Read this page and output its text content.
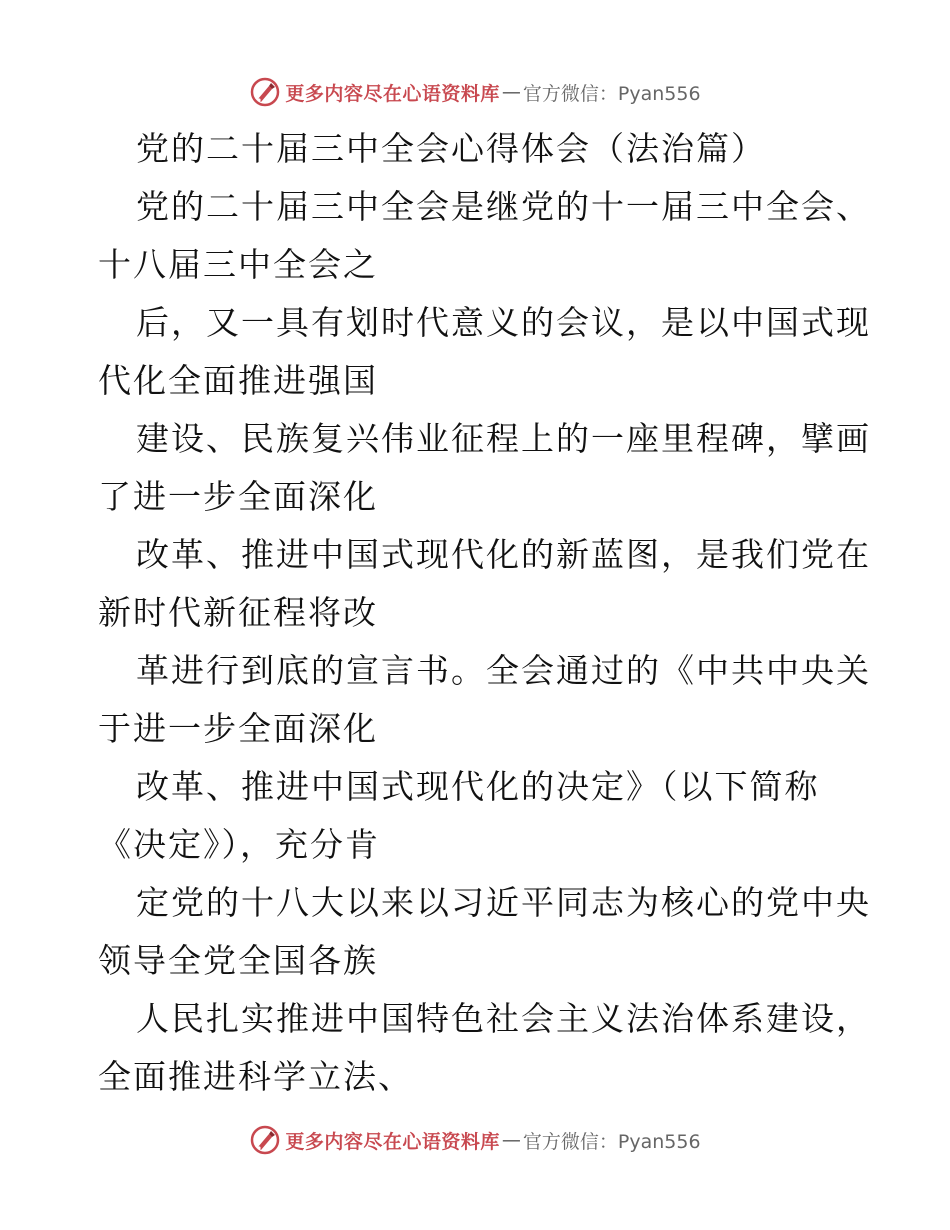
更多内容尽在心语资料库 — 官方微信：Pyan556
党的二十届三中全会心得体会（法治篇）
党的二十届三中全会是继党的十一届三中全会、
十八届三中全会之
后，又一具有划时代意义的会议，是以中国式现
代化全面推进强国
建设、民族复兴伟业征程上的一座里程碑，擘画
了进一步全面深化
改革、推进中国式现代化的新蓝图，是我们党在
新时代新征程将改
革进行到底的宣言书。全会通过的《中共中央关
于进一步全面深化
改革、推进中国式现代化的决定》（以下简称
《决定》），充分肯
定党的十八大以来以习近平同志为核心的党中央
领导全党全国各族
人民扎实推进中国特色社会主义法治体系建设，
全面推进科学立法、
更多内容尽在心语资料库 — 官方微信：Pyan556
